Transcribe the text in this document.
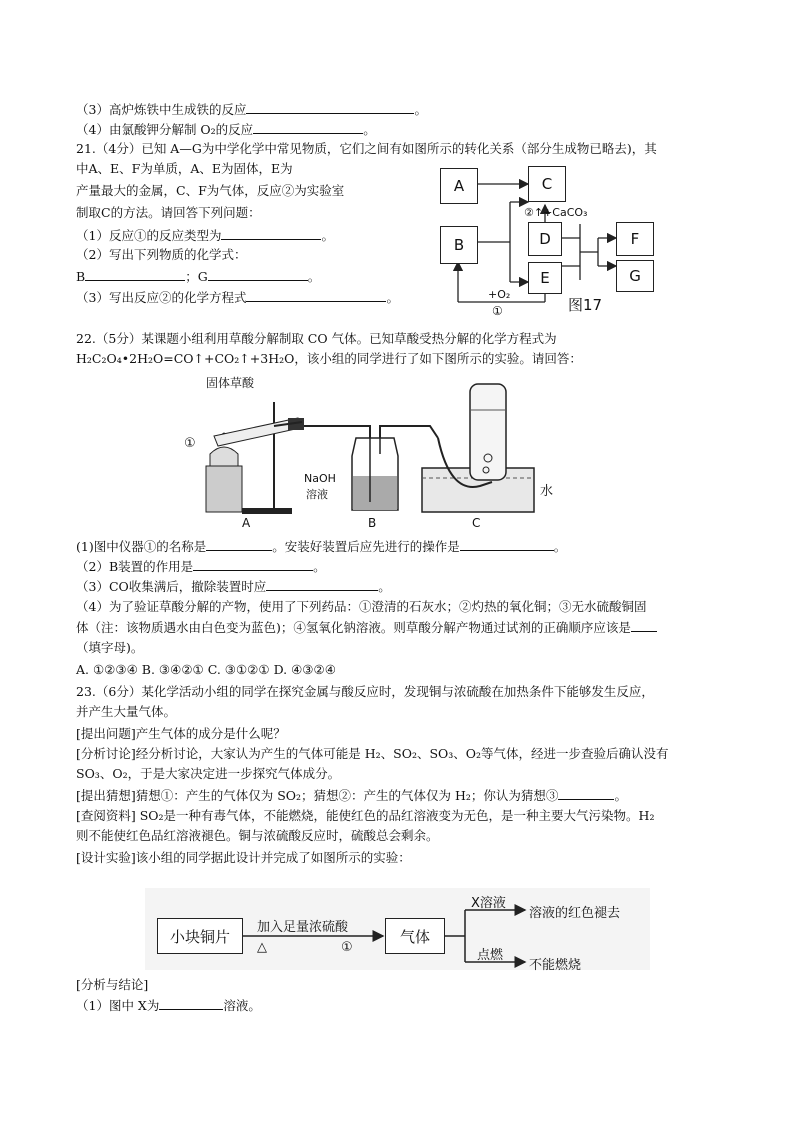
（3）高炉炼铁中生成铁的反应	。
（4）由氯酸钾分解制 O₂的反应	。
21.（4分）已知 A—G为中学化学中常见物质，它们之间有如图所示的转化关系（部分生成物已略去)，其
中A、E、F为单质，A、E为固体，E为
产量最大的金属，C、F为气体，反应②为实验室
制取C的方法。请回答下列问题：
（1）反应①的反应类型为	。
（2）写出下列物质的化学式：
B	；G	。
（3）写出反应②的化学方程式	。
A	C
B	D
E
F
G
②↑+CaCO₃
+O₂
①	图17
22.（5分）某课题小组利用草酸分解制取 CO 气体。已知草酸受热分解的化学方程式为
H₂C₂O₄•2H₂O=CO↑+CO₂↑+3H₂O，该小组的同学进行了如下图所示的实验。请回答：
固体草酸
①
NaOH
溶液	水
A	B	C
(1)图中仪器①的名称是	。安装好装置后应先进行的操作是	。
（2）B装置的作用是	。
（3）CO收集满后，撤除装置时应	。
（4）为了验证草酸分解的产物，使用了下列药品：①澄清的石灰水；②灼热的氧化铜；③无水硫酸铜固
体（注：该物质遇水由白色变为蓝色)；④氢氧化钠溶液。则草酸分解产物通过试剂的正确顺序应该是
（填字母)。
A. ①②③④ B. ③④②① C. ③①②① D. ④③②④
23.（6分）某化学活动小组的同学在探究金属与酸反应时，发现铜与浓硫酸在加热条件下能够发生反应，
并产生大量气体。
[提出问题]产生气体的成分是什么呢？
[分析讨论]经分析讨论，大家认为产生的气体可能是 H₂、SO₂、SO₃、O₂等气体，经进一步查验后确认没有
SO₃、O₂，于是大家决定进一步探究气体成分。
[提出猜想]猜想①：产生的气体仅为 SO₂；猜想②：产生的气体仅为 H₂；你认为猜想③	。
[查阅资料] SO₂是一种有毒气体，不能燃烧，能使红色的品红溶液变为无色，是一种主要大气污染物。H₂
则不能使红色品红溶液褪色。铜与浓硫酸反应时，硫酸总会剩余。
[设计实验]该小组的同学据此设计并完成了如图所示的实验：
小块铜片	气体
加入足量浓硫酸
△	①
X溶液
溶液的红色褪去
点燃
不能燃烧
[分析与结论]
（1）图中 X为	溶液。
